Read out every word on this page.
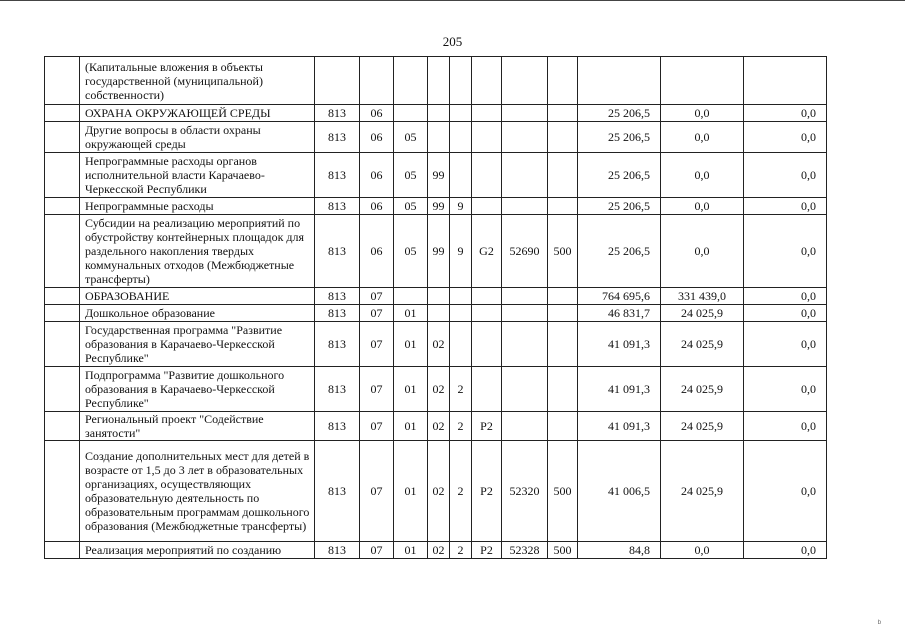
205
	(Капитальные вложения в объекты государственной (муниципальной) собственности)											
	ОХРАНА ОКРУЖАЮЩЕЙ СРЕДЫ	813	06							25 206,5	0,0	0,0
	Другие вопросы в области охраны окружающей среды	813	06	05						25 206,5	0,0	0,0
	Непрограммные расходы органов исполнительной власти Карачаево-Черкесской Республики	813	06	05	99					25 206,5	0,0	0,0
	Непрограммные расходы	813	06	05	99	9				25 206,5	0,0	0,0
	Субсидии на реализацию мероприятий по обустройству контейнерных площадок для раздельного накопления твердых коммунальных отходов (Межбюджетные трансферты)	813	06	05	99	9	G2	52690	500	25 206,5	0,0	0,0
	ОБРАЗОВАНИЕ	813	07							764 695,6	331 439,0	0,0
	Дошкольное образование	813	07	01						46 831,7	24 025,9	0,0
	Государственная программа "Развитие образования в Карачаево-Черкесской Республике"	813	07	01	02					41 091,3	24 025,9	0,0
	Подпрограмма "Развитие дошкольного образования в Карачаево-Черкесской Республике"	813	07	01	02	2				41 091,3	24 025,9	0,0
	Региональный проект "Содействие занятости"	813	07	01	02	2	P2			41 091,3	24 025,9	0,0
	Создание дополнительных мест для детей в возрасте от 1,5 до 3 лет в образовательных организациях, осуществляющих образовательную деятельность по образовательным программам дошкольного образования (Межбюджетные трансферты)	813	07	01	02	2	P2	52320	500	41 006,5	24 025,9	0,0
	Реализация мероприятий по созданию	813	07	01	02	2	P2	52328	500	84,8	0,0	0,0
ᵇ
